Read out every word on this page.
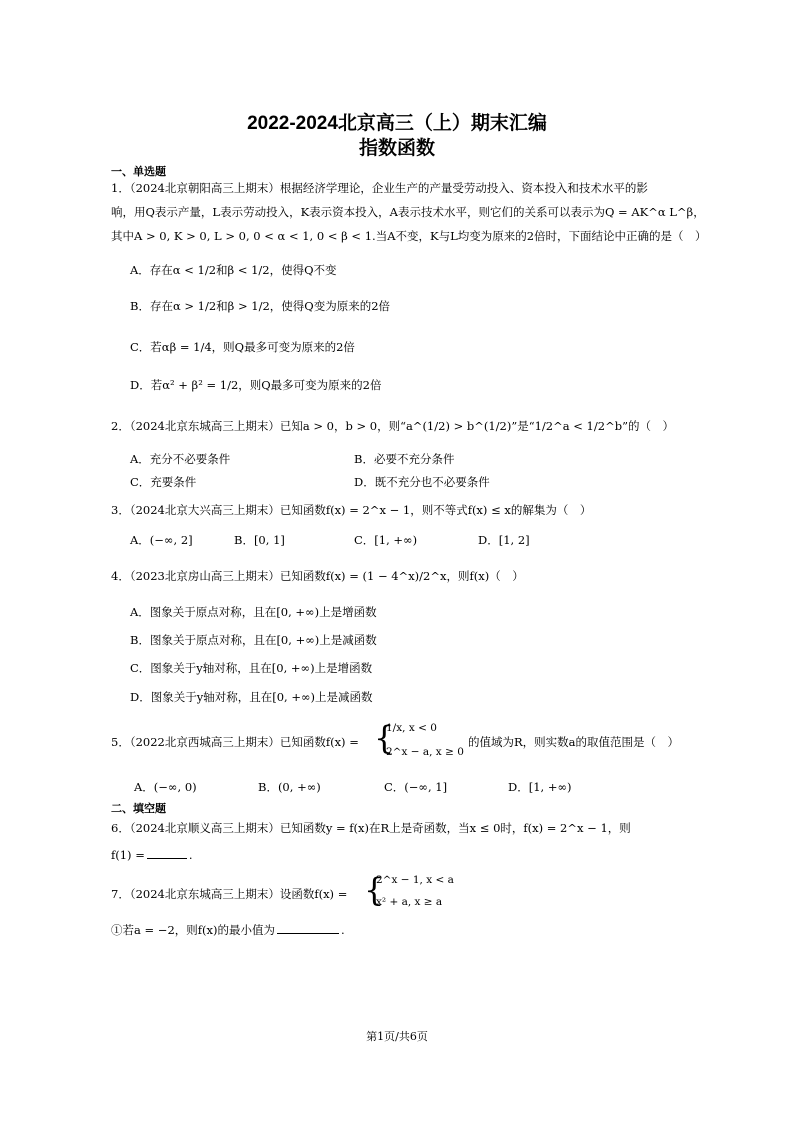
2022-2024北京高三（上）期末汇编
指数函数
一、单选题
1．（2024北京朝阳高三上期末）根据经济学理论，企业生产的产量受劳动投入、资本投入和技术水平的影
响，用Q表示产量，L表示劳动投入，K表示资本投入，A表示技术水平，则它们的关系可以表示为Q = AK^α L^β，
其中A > 0, K > 0, L > 0, 0 < α < 1, 0 < β < 1.当A不变，K与L均变为原来的2倍时，下面结论中正确的是（　）
A．存在α < 1/2和β < 1/2，使得Q不变
B．存在α > 1/2和β > 1/2，使得Q变为原来的2倍
C．若αβ = 1/4，则Q最多可变为原来的2倍
D．若α² + β² = 1/2，则Q最多可变为原来的2倍
2．（2024北京东城高三上期末）已知a > 0，b > 0，则“a^(1/2) > b^(1/2)”是“1/2^a < 1/2^b”的（　）
A．充分不必要条件	B．必要不充分条件
C．充要条件	D．既不充分也不必要条件
3．（2024北京大兴高三上期末）已知函数f(x) = 2^x − 1，则不等式f(x) ≤ x的解集为（　）
A．(−∞, 2]	B．[0, 1]	C．[1, +∞)	D．[1, 2]
4．（2023北京房山高三上期末）已知函数f(x) = (1 − 4^x)/2^x，则f(x)（　）
A．图象关于原点对称，且在[0, +∞)上是增函数
B．图象关于原点对称，且在[0, +∞)上是减函数
C．图象关于y轴对称，且在[0, +∞)上是增函数
D．图象关于y轴对称，且在[0, +∞)上是减函数
5．（2022北京西城高三上期末）已知函数f(x) = {
1/x, x < 0
2^x − a, x ≥ 0
的值域为R，则实数a的取值范围是（　）
A．(−∞, 0)	B．(0, +∞)	C．(−∞, 1]	D．[1, +∞)
二、填空题
6．（2024北京顺义高三上期末）已知函数y = f(x)在R上是奇函数，当x ≤ 0时，f(x) = 2^x − 1，则
f(1) =	.
7．（2024北京东城高三上期末）设函数f(x) = {
2^x − 1, x < a
x² + a, x ≥ a
①若a = −2，则f(x)的最小值为	.
第1页/共6页
